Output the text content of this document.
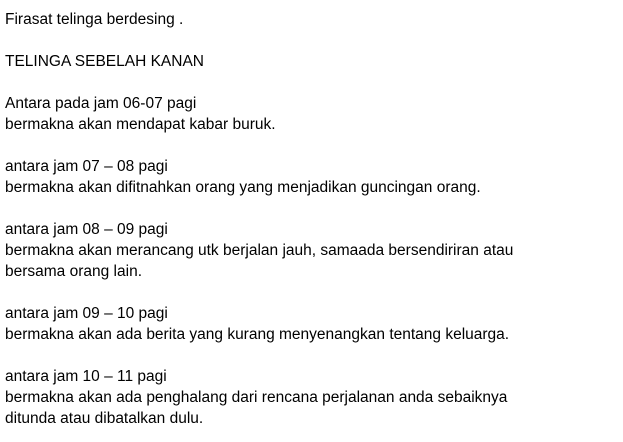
Firasat telinga berdesing .
TELINGA SEBELAH KANAN
Antara pada jam 06-07 pagi
bermakna akan mendapat kabar buruk.
antara jam 07 – 08 pagi
bermakna akan difitnahkan orang yang menjadikan guncingan orang.
antara jam 08 – 09 pagi
bermakna akan merancang utk berjalan jauh, samaada bersendiriran atau
bersama orang lain.
antara jam 09 – 10 pagi
bermakna akan ada berita yang kurang menyenangkan tentang keluarga.
antara jam 10 – 11 pagi
bermakna akan ada penghalang dari rencana perjalanan anda sebaiknya
ditunda atau dibatalkan dulu.
